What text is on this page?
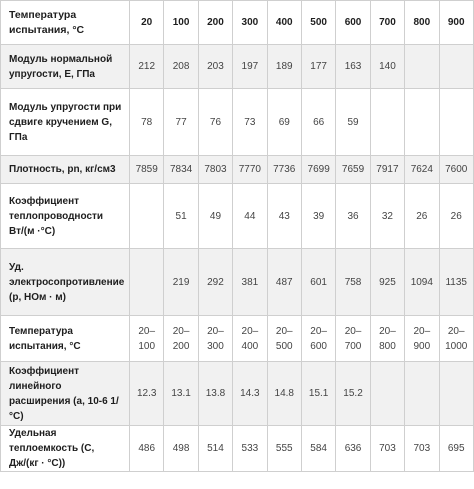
Температура испытания, °С	20	100	200	300	400	500	600	700	800	900
Модуль нормальной упругости, Е, ГПа	212	208	203	197	189	177	163	140		
Модуль упругости при сдвиге кручением G, ГПа	78	77	76	73	69	66	59			
Плотность, pn, кг/см3	7859	7834	7803	7770	7736	7699	7659	7917	7624	7600
Коэффициент теплопроводности Вт/(м ·°С)		51	49	44	43	39	36	32	26	26
Уд. электросопротивление (p, НОм · м)		219	292	381	487	601	758	925	1094	1135
Температура испытания, °С	20–100	20–200	20–300	20–400	20–500	20–600	20–700	20–800	20–900	20–1000
Коэффициент линейного расширения (a, 10-6 1/°С)	12.3	13.1	13.8	14.3	14.8	15.1	15.2			
Удельная теплоемкость (С, Дж/(кг · °С))	486	498	514	533	555	584	636	703	703	695
